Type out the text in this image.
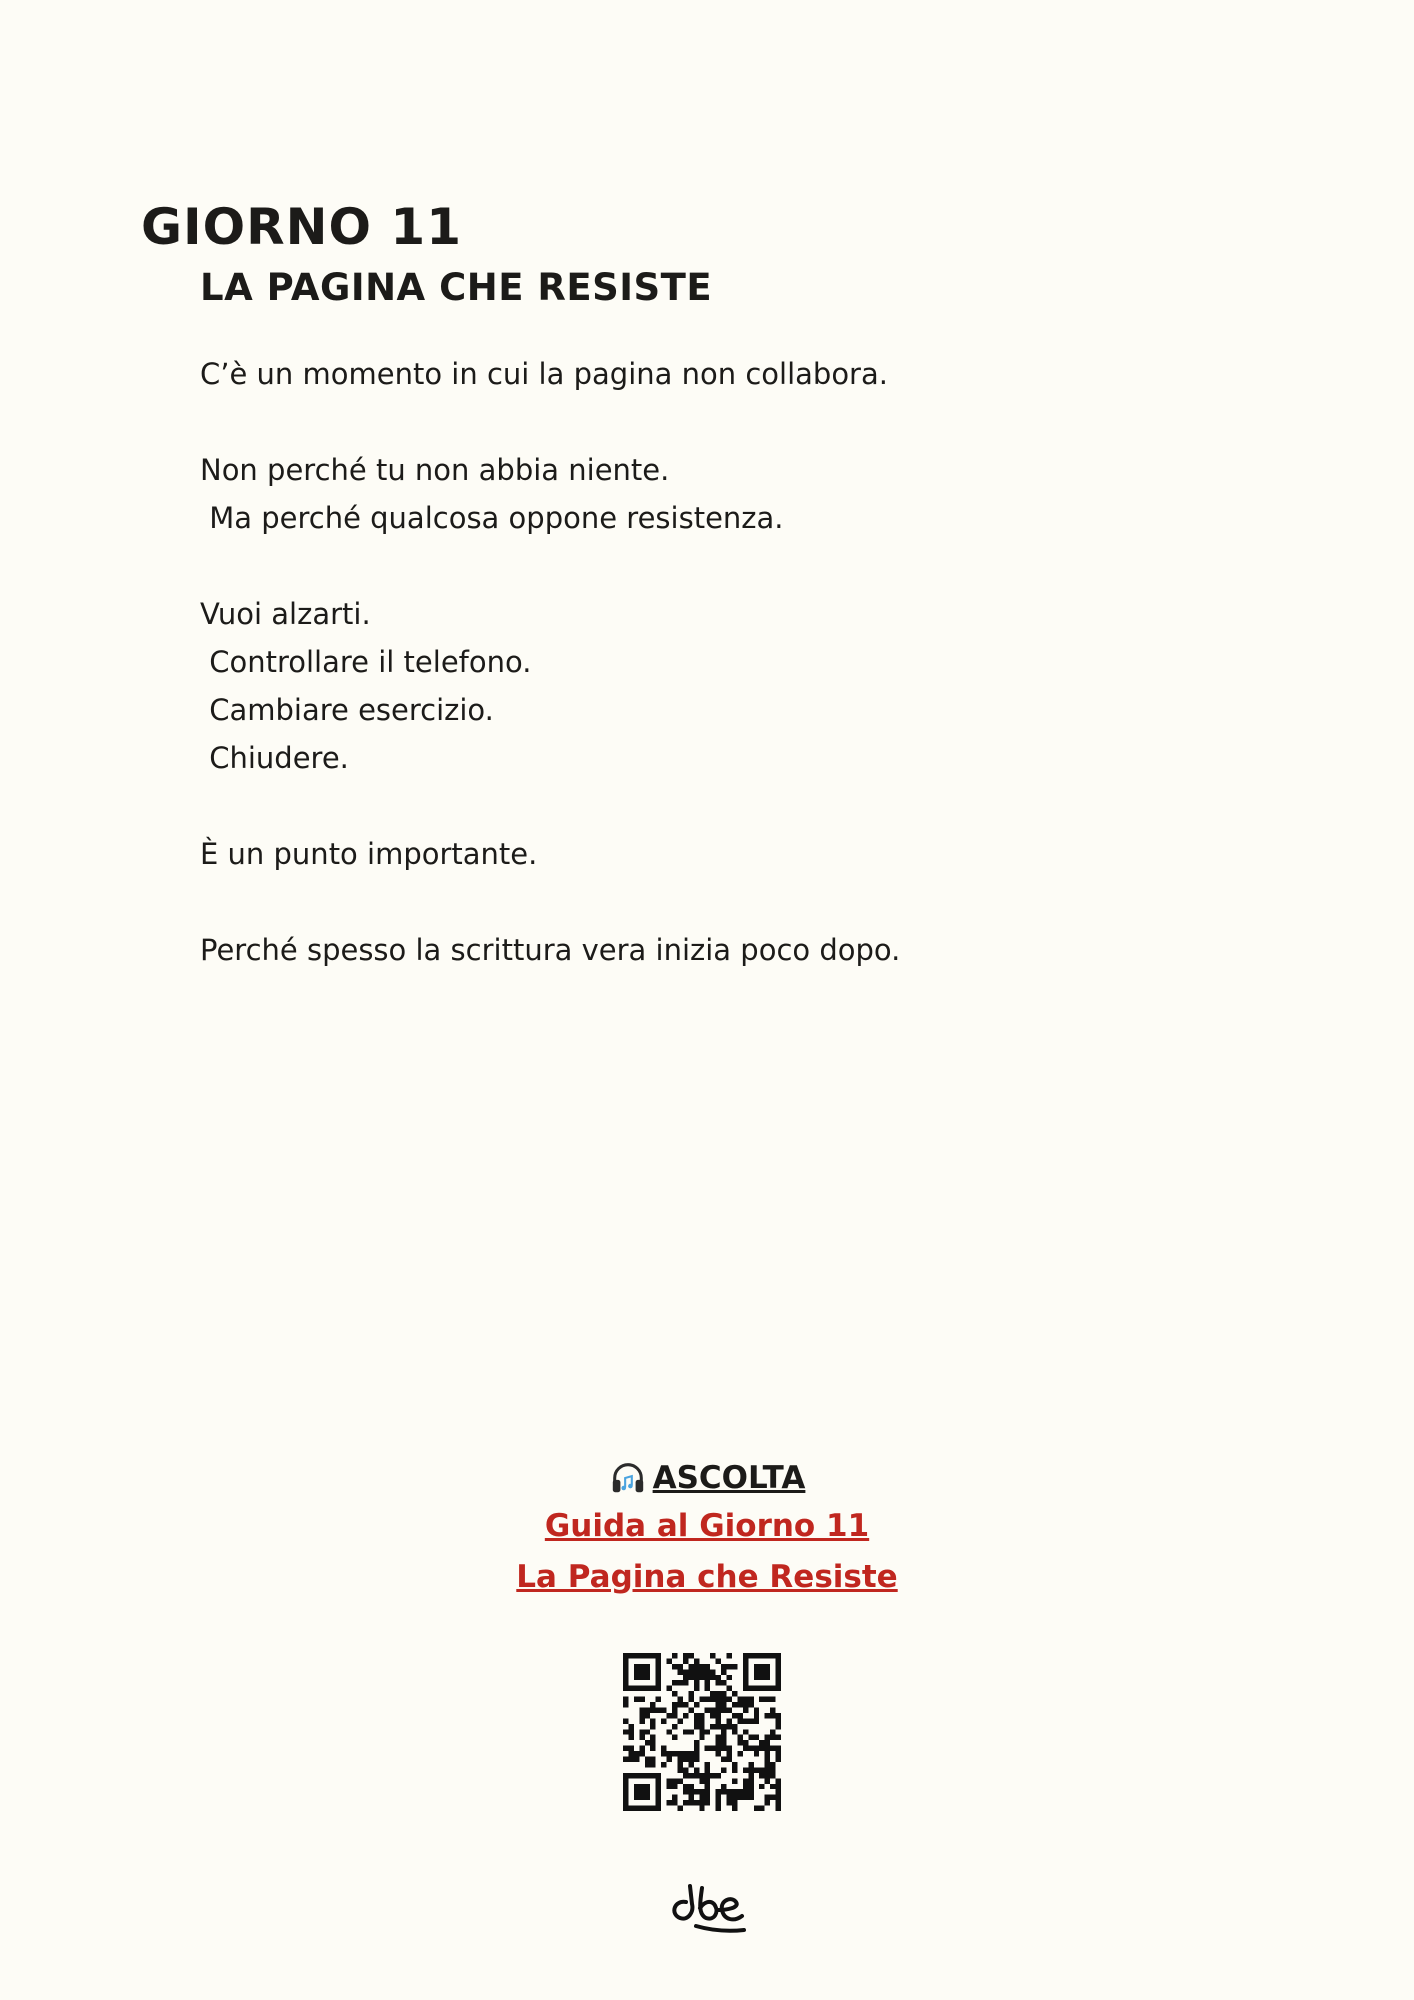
GIORNO 11
LA PAGINA CHE RESISTE

C’è un momento in cui la pagina non collabora.

Non perché tu non abbia niente.
Ma perché qualcosa oppone resistenza.

Vuoi alzarti.
Controllare il telefono.
Cambiare esercizio.
Chiudere.

È un punto importante.

Perché spesso la scrittura vera inizia poco dopo.

ASCOLTA
Guida al Giorno 11
La Pagina che Resiste
